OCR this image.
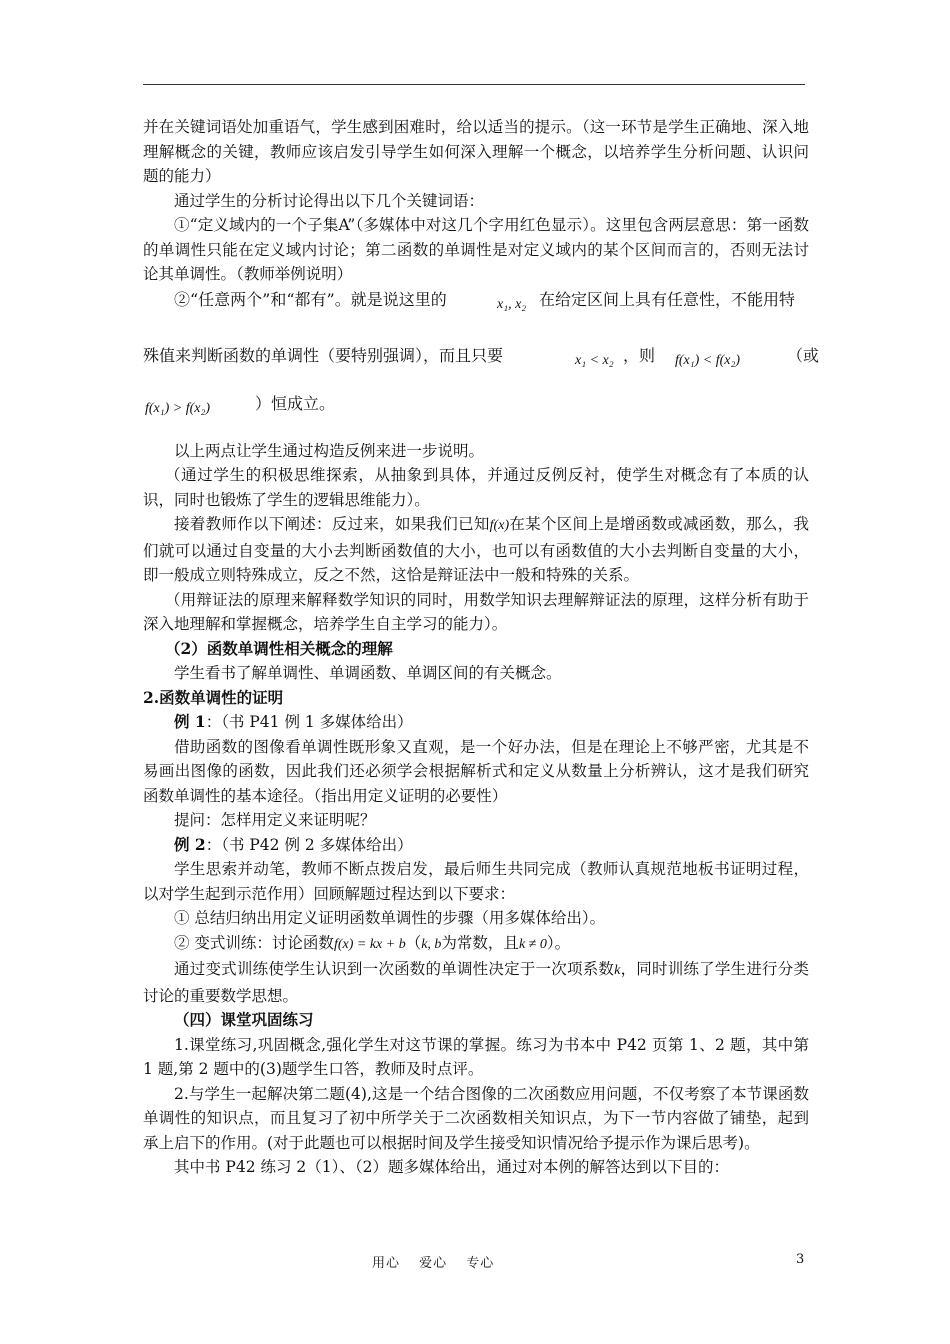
并在关键词语处加重语气，学生感到困难时，给以适当的提示。（这一环节是学生正确地、深入地理解概念的关键，教师应该启发引导学生如何深入理解一个概念，以培养学生分析问题、认识问题的能力）

通过学生的分析讨论得出以下几个关键词语：

①“定义域内的一个子集A”（多媒体中对这几个字用红色显示）。这里包含两层意思：第一函数的单调性只能在定义域内讨论；第二函数的单调性是对定义域内的某个区间而言的，否则无法讨论其单调性。（教师举例说明）

②“任意两个”和“都有”。就是说这里的	x₁, x₂ 在给定区间上具有任意性，不能用特
殊值来判断函数的单调性（要特别强调），而且只要	x₁ < x₂ ，则 f(x₁) < f(x₂)	（或
f(x₁) > f(x₂)	）恒成立。

以上两点让学生通过构造反例来进一步说明。

（通过学生的积极思维探索，从抽象到具体，并通过反例反衬，使学生对概念有了本质的认识，同时也锻炼了学生的逻辑思维能力）。

接着教师作以下阐述：反过来，如果我们已知f(x)在某个区间上是增函数或减函数，那么，我们就可以通过自变量的大小去判断函数值的大小，也可以有函数值的大小去判断自变量的大小，即一般成立则特殊成立，反之不然，这恰是辩证法中一般和特殊的关系。

（用辩证法的原理来解释数学知识的同时，用数学知识去理解辩证法的原理，这样分析有助于深入地理解和掌握概念，培养学生自主学习的能力）。

（2）函数单调性相关概念的理解

学生看书了解单调性、单调函数、单调区间的有关概念。

2.函数单调性的证明

例 1：（书 P41 例 1 多媒体给出）

借助函数的图像看单调性既形象又直观，是一个好办法，但是在理论上不够严密，尤其是不易画出图像的函数，因此我们还必须学会根据解析式和定义从数量上分析辨认，这才是我们研究函数单调性的基本途径。（指出用定义证明的必要性）

提问：怎样用定义来证明呢？

例 2：（书 P42 例 2 多媒体给出）

学生思索并动笔，教师不断点拨启发，最后师生共同完成（教师认真规范地板书证明过程，以对学生起到示范作用）回顾解题过程达到以下要求：

① 总结归纳出用定义证明函数单调性的步骤（用多媒体给出）。

② 变式训练：讨论函数f(x) = kx + b（k, b为常数，且k ≠ 0）。

通过变式训练使学生认识到一次函数的单调性决定于一次项系数k，同时训练了学生进行分类讨论的重要数学思想。

（四）课堂巩固练习

1.课堂练习,巩固概念,强化学生对这节课的掌握。练习为书本中 P42 页第 1、2 题，其中第 1 题,第 2 题中的(3)题学生口答，教师及时点评。

2.与学生一起解决第二题(4),这是一个结合图像的二次函数应用问题，不仅考察了本节课函数单调性的知识点，而且复习了初中所学关于二次函数相关知识点，为下一节内容做了铺垫，起到承上启下的作用。(对于此题也可以根据时间及学生接受知识情况给予提示作为课后思考)。

其中书 P42 练习 2（1）、（2）题多媒体给出，通过对本例的解答达到以下目的：

用心　 爱心　 专心	3
